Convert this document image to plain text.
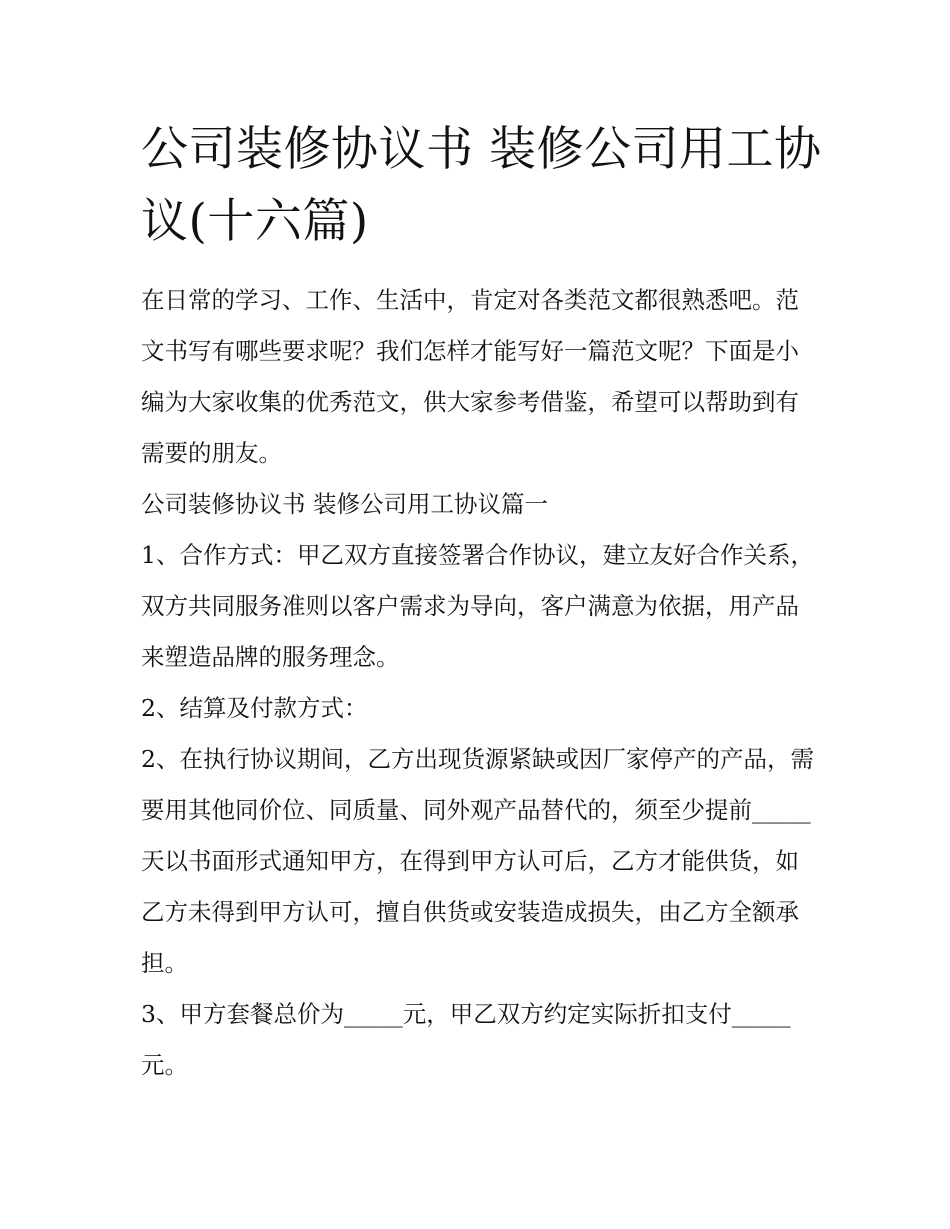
公司装修协议书 装修公司用工协议(十六篇)

在日常的学习、工作、生活中，肯定对各类范文都很熟悉吧。范文书写有哪些要求呢？我们怎样才能写好一篇范文呢？下面是小编为大家收集的优秀范文，供大家参考借鉴，希望可以帮助到有需要的朋友。

公司装修协议书 装修公司用工协议篇一

1、合作方式：甲乙双方直接签署合作协议，建立友好合作关系，双方共同服务准则以客户需求为导向，客户满意为依据，用产品来塑造品牌的服务理念。

2、结算及付款方式：

2、在执行协议期间，乙方出现货源紧缺或因厂家停产的产品，需要用其他同价位、同质量、同外观产品替代的，须至少提前_____天以书面形式通知甲方，在得到甲方认可后，乙方才能供货，如乙方未得到甲方认可，擅自供货或安装造成损失，由乙方全额承担。

3、甲方套餐总价为_____元，甲乙双方约定实际折扣支付_____元。
